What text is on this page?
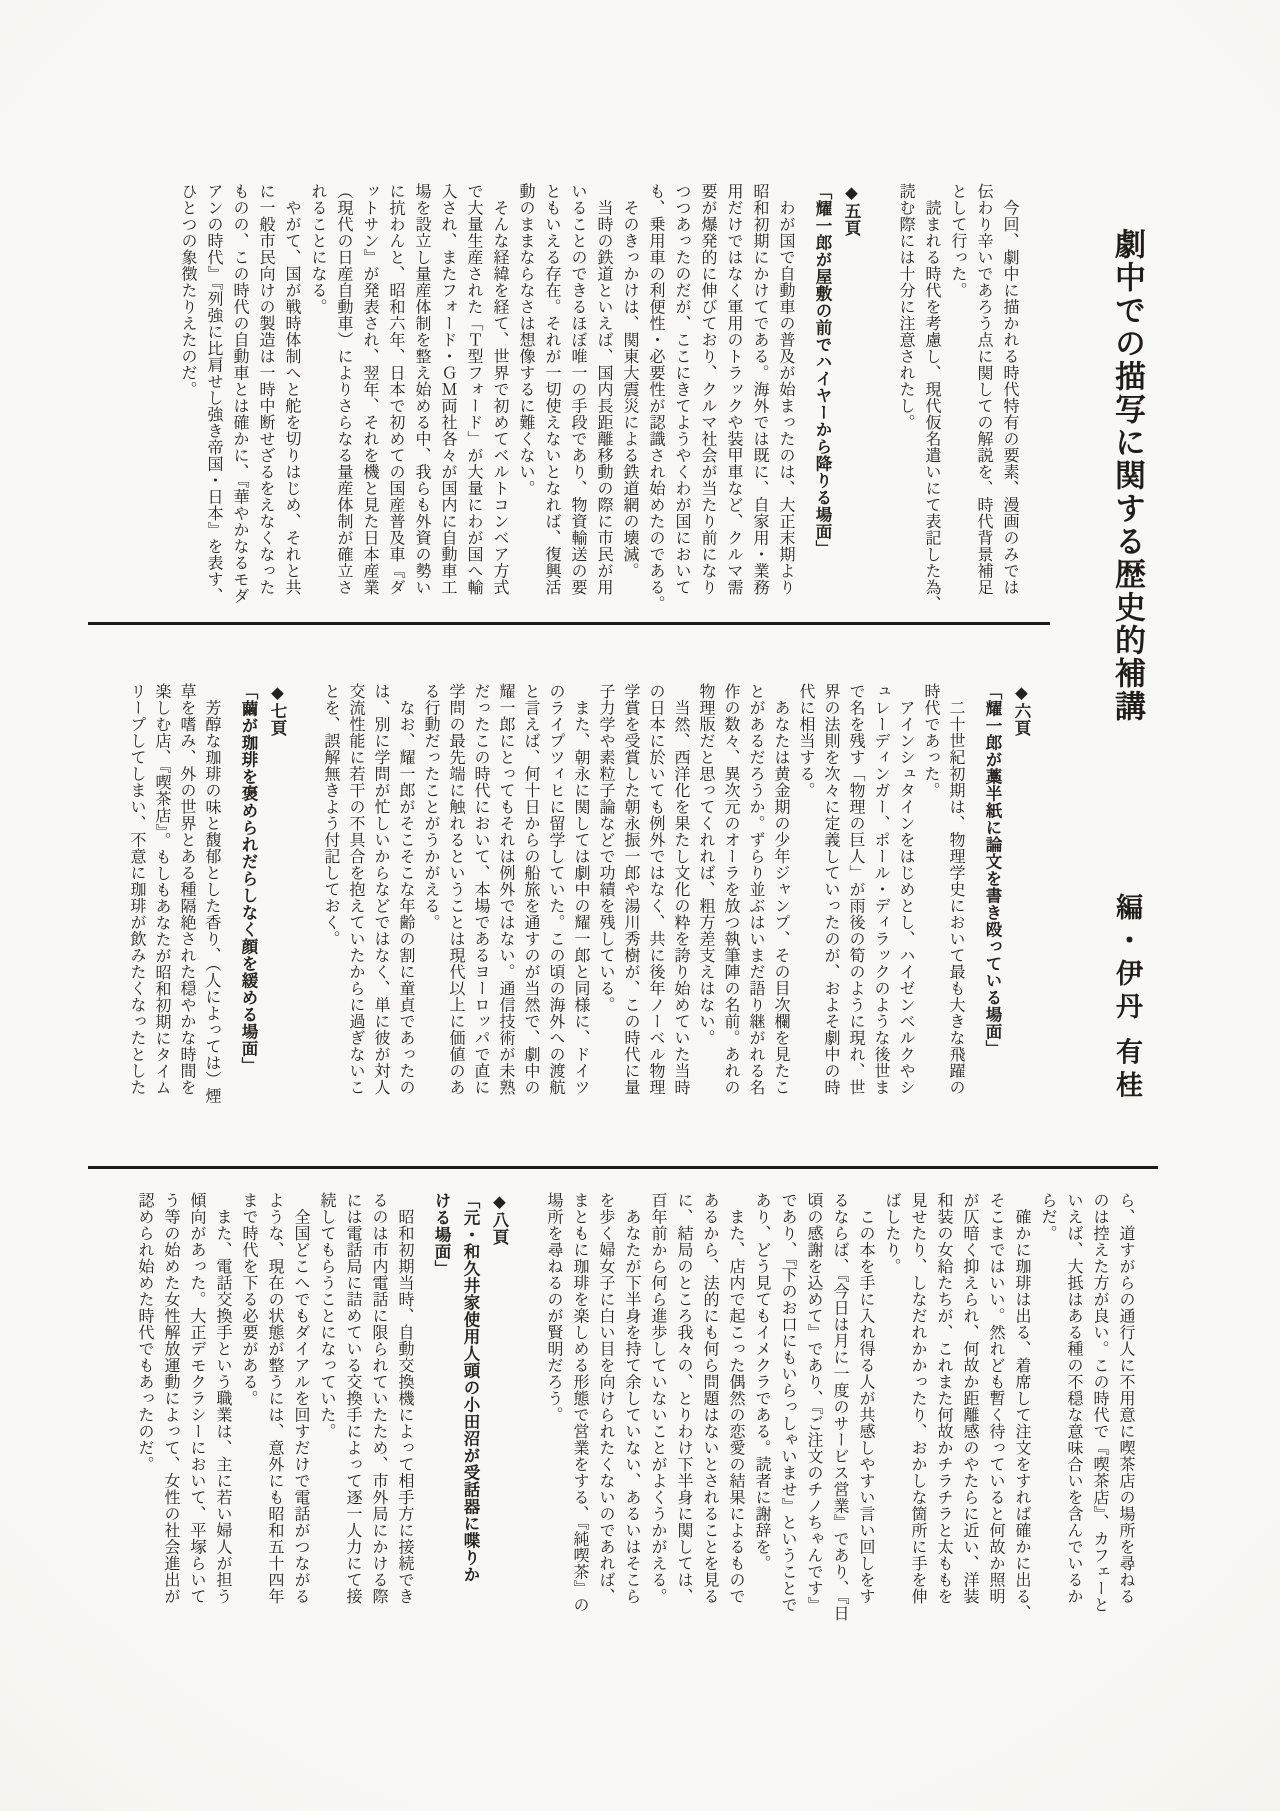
劇中での描写に関する歴史的補講編・伊丹 有桂

　今回、劇中に描かれる時代特有の要素、漫画のみでは

伝わり辛いであろう点に関しての解説を、時代背景補足

として行った。

　読まれる時代を考慮し、現代仮名遣いにて表記した為、

読む際には十分に注意されたし。

◆五頁

「耀一郎が屋敷の前でハイヤーから降りる場面」

　わが国で自動車の普及が始まったのは、大正末期より

昭和初期にかけてである。海外では既に、自家用・業務

用だけではなく軍用のトラックや装甲車など、クルマ需

要が爆発的に伸びており、クルマ社会が当たり前になり

つつあったのだが、ここにきてようやくわが国において

も、乗用車の利便性・必要性が認識され始めたのである。

　そのきっかけは、関東大震災による鉄道網の壊滅。

　当時の鉄道といえば、国内長距離移動の際に市民が用

いることのできるほぼ唯一の手段であり、物資輸送の要

ともいえる存在。それが一切使えないとなれば、復興活

動のままならなさは想像するに難くない。

　そんな経緯を経て、世界で初めてベルトコンベア方式

で大量生産された「Ｔ型フォード」が大量にわが国へ輸

入され、またフォード・ＧＭ両社各々が国内に自動車工

場を設立し量産体制を整え始める中、我らも外資の勢い

に抗わんと、昭和六年、日本で初めての国産普及車『ダ

ットサン』が発表され、翌年、それを機と見た日本産業

（現代の日産自動車）によりさらなる量産体制が確立さ

れることになる。

　やがて、国が戦時体制へと舵を切りはじめ、それと共

に一般市民向けの製造は一時中断せざるをえなくなった

ものの、この時代の自動車とは確かに、『華やかなるモダ

アンの時代』『列強に比肩せし強き帝国・日本』を表す、

ひとつの象徴たりえたのだ。

◆六頁

「耀一郎が藁半紙に論文を書き殴っている場面」

　二十世紀初期は、物理学史において最も大きな飛躍の

時代であった。

　アインシュタインをはじめとし、ハイゼンベルクやシ

ュレーディンガー、ポール・ディラックのような後世ま

で名を残す「物理の巨人」が雨後の筍のように現れ、世

界の法則を次々に定義していったのが、およそ劇中の時

代に相当する。

　あなたは黄金期の少年ジャンプ、その目次欄を見たこ

とがあるだろうか。ずらり並ぶはいまだ語り継がれる名

作の数々、異次元のオーラを放つ執筆陣の名前。あれの

物理版だと思ってくれれば、粗方差支えはない。

　当然、西洋化を果たし文化の粋を誇り始めていた当時

の日本に於いても例外ではなく、共に後年ノーベル物理

学賞を受賞した朝永振一郎や湯川秀樹が、この時代に量

子力学や素粒子論などで功績を残している。

　また、朝永に関しては劇中の耀一郎と同様に、ドイツ

のライプツィヒに留学していた。この頃の海外への渡航

と言えば、何十日からの船旅を通すのが当然で、劇中の

耀一郎にとってもそれは例外ではない。通信技術が未熟

だったこの時代において、本場であるヨーロッパで直に

学問の最先端に触れるということは現代以上に価値のあ

る行動だったことがうかがえる。

　なお、耀一郎がそこそこな年齢の割に童貞であったの

は、別に学問が忙しいからなどではなく、単に彼が対人

交流性能に若干の不具合を抱えていたからに過ぎないこ

とを、誤解無きよう付記しておく。

◆七頁

「繭が珈琲を褒められだらしなく顔を緩める場面」

　芳醇な珈琲の味と馥郁とした香り、（人によっては）煙

草を嗜み、外の世界とある種隔絶された穏やかな時間を

楽しむ店、『喫茶店』。もしもあなたが昭和初期にタイム

リープしてしまい、不意に珈琲が飲みたくなったとした

ら、道すがらの通行人に不用意に喫茶店の場所を尋ねる

のは控えた方が良い。この時代で『喫茶店』、カフェーと

いえば、大抵はある種の不穏な意味合いを含んでいるか

らだ。

　確かに珈琲は出る、着席して注文をすれば確かに出る、

そこまではいい。然れども暫く待っていると何故か照明

が仄暗く抑えられ、何故か距離感のやたらに近い、洋装

和装の女給たちが、これまた何故かチラチラと太ももを

見せたり、しなだれかかったり、おかしな箇所に手を伸

ばしたり。

　この本を手に入れ得る人が共感しやすい言い回しをす

るならば、『今日は月に一度のサービス営業』であり、『日

頃の感謝を込めて』であり、『ご注文のチノちゃんです』

であり、『下のお口にもいらっしゃいませ』ということで

あり、どう見てもイメクラである。読者に謝辞を。

　また、店内で起こった偶然の恋愛の結果によるもので

あるから、法的にも何ら問題はないとされることを見る

に、結局のところ我々の、とりわけ下半身に関しては、

百年前から何ら進歩していないことがよくうかがえる。

　あなたが下半身を持て余していない、あるいはそこら

を歩く婦女子に白い目を向けられたくないのであれば、

まともに珈琲を楽しめる形態で営業をする、『純喫茶』の

場所を尋ねるのが賢明だろう。

◆八頁

「元・和久井家使用人頭の小田沼が受話器に喋りか

ける場面」

　昭和初期当時、自動交換機によって相手方に接続でき

るのは市内電話に限られていたため、市外局にかける際

には電話局に詰めている交換手によって逐一人力にて接

続してもらうことになっていた。

　全国どこへでもダイアルを回すだけで電話がつながる

ような、現在の状態が整うには、意外にも昭和五十四年

まで時代を下る必要がある。

　また、電話交換手という職業は、主に若い婦人が担う

傾向があった。大正デモクラシーにおいて、平塚らいて

う等の始めた女性解放運動によって、女性の社会進出が

認められ始めた時代でもあったのだ。
